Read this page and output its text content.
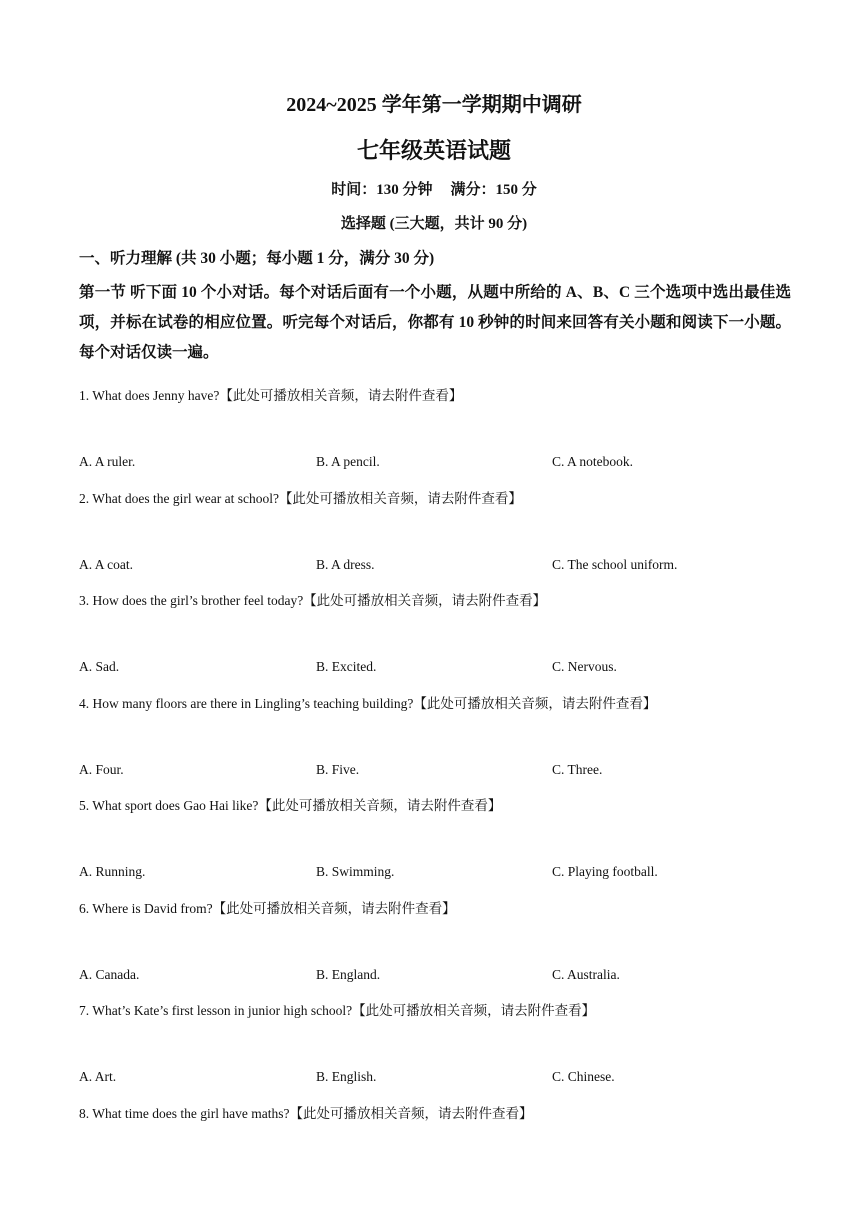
2024~2025 学年第一学期期中调研
七年级英语试题
时间：130 分钟 满分：150 分
选择题 (三大题，共计 90 分)
一、听力理解 (共 30 小题；每小题 1 分，满分 30 分)
第一节 听下面 10 个小对话。每个对话后面有一个小题，从题中所给的 A、B、C 三个选项中选出最佳选项，并标在试卷的相应位置。听完每个对话后，你都有 10 秒钟的时间来回答有关小题和阅读下一小题。每个对话仅读一遍。
1. What does Jenny have?【此处可播放相关音频，请去附件查看】
A. A ruler.	B. A pencil.	C. A notebook.
2. What does the girl wear at school?【此处可播放相关音频，请去附件查看】
A. A coat.	B. A dress.	C. The school uniform.
3. How does the girl’s brother feel today?【此处可播放相关音频，请去附件查看】
A. Sad.	B. Excited.	C. Nervous.
4. How many floors are there in Lingling’s teaching building?【此处可播放相关音频，请去附件查看】
A. Four.	B. Five.	C. Three.
5. What sport does Gao Hai like?【此处可播放相关音频，请去附件查看】
A. Running.	B. Swimming.	C. Playing football.
6. Where is David from?【此处可播放相关音频，请去附件查看】
A. Canada.	B. England.	C. Australia.
7. What’s Kate’s first lesson in junior high school?【此处可播放相关音频，请去附件查看】
A. Art.	B. English.	C. Chinese.
8. What time does the girl have maths?【此处可播放相关音频，请去附件查看】
